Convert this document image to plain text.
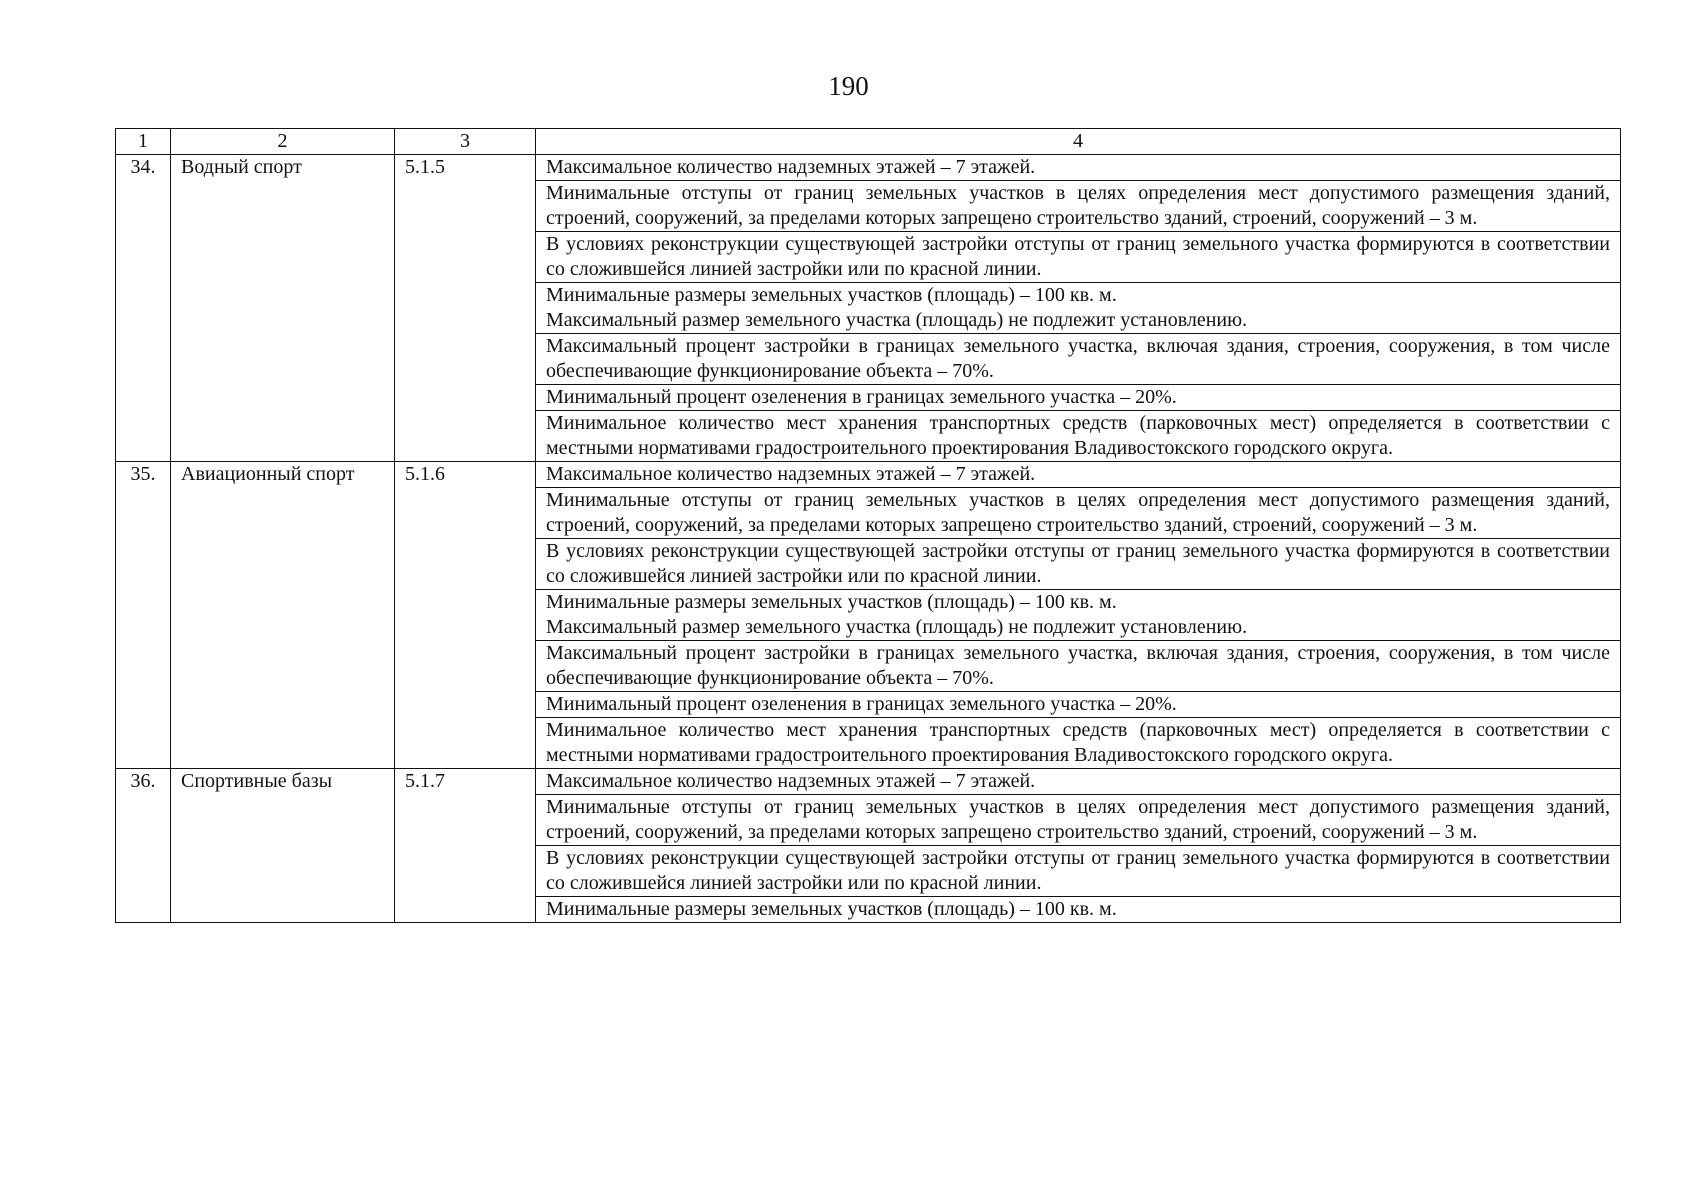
190
1	2	3	4
34.	Водный спорт	5.1.5	Максимальное количество надземных этажей – 7 этажей.

			Минимальные отступы от границ земельных участков в целях определения мест допустимого размещения зданий, строений, сооружений, за пределами которых запрещено строительство зданий, строений, сооружений – 3 м.

			В условиях реконструкции существующей застройки отступы от границ земельного участка формируются в соответствии со сложившейся линией застройки или по красной линии.

			Минимальные размеры земельных участков (площадь) – 100 кв. м.
Максимальный размер земельного участка (площадь) не подлежит установлению.

			Максимальный процент застройки в границах земельного участка, включая здания, строения, сооружения, в том числе обеспечивающие функционирование объекта – 70%.

			Минимальный процент озеленения в границах земельного участка – 20%.

			Минимальное количество мест хранения транспортных средств (парковочных мест) определяется в соответствии с местными нормативами градостроительного проектирования Владивостокского городского округа.

35.	Авиационный спорт	5.1.6	Максимальное количество надземных этажей – 7 этажей.

			Минимальные отступы от границ земельных участков в целях определения мест допустимого размещения зданий, строений, сооружений, за пределами которых запрещено строительство зданий, строений, сооружений – 3 м.

			В условиях реконструкции существующей застройки отступы от границ земельного участка формируются в соответствии со сложившейся линией застройки или по красной линии.

			Минимальные размеры земельных участков (площадь) – 100 кв. м.
Максимальный размер земельного участка (площадь) не подлежит установлению.

			Максимальный процент застройки в границах земельного участка, включая здания, строения, сооружения, в том числе обеспечивающие функционирование объекта – 70%.

			Минимальный процент озеленения в границах земельного участка – 20%.

			Минимальное количество мест хранения транспортных средств (парковочных мест) определяется в соответствии с местными нормативами градостроительного проектирования Владивостокского городского округа.

36.	Спортивные базы	5.1.7	Максимальное количество надземных этажей – 7 этажей.

			Минимальные отступы от границ земельных участков в целях определения мест допустимого размещения зданий, строений, сооружений, за пределами которых запрещено строительство зданий, строений, сооружений – 3 м.

			В условиях реконструкции существующей застройки отступы от границ земельного участка формируются в соответствии со сложившейся линией застройки или по красной линии.

			Минимальные размеры земельных участков (площадь) – 100 кв. м.
